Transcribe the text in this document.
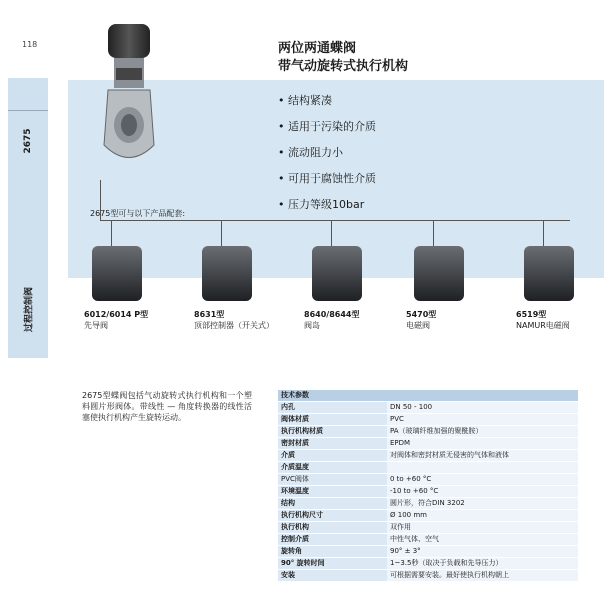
118
2675
过程控制阀
两位两通蝶阀
带气动旋转式执行机构
• 结构紧凑
• 适用于污染的介质
• 流动阻力小
• 可用于腐蚀性介质
• 压力等级10bar
2675型可与以下产品配套:
6012/6014 P型
先导阀
8631型
顶部控制器（开关式）
8640/8644型
阀岛
5470型
电磁阀
6519型
NAMUR电磁阀
2675型蝶阀包括气动旋转式执行机构和一个塑料圆片形阀体。带线性 — 角度转换器的线性活塞使执行机构产生旋转运动。
技术参数	
内孔	DN 50 - 100
阀体材质	PVC
执行机构材质	PA（玻璃纤维加强的聚酰胺）
密封材质	EPDM
介质	对阀体和密封材质无侵害的气体和液体
介质温度	
PVC阀体	0 to +60 °C
环境温度	-10 to +60 °C
结构	圆片形，符合DIN 3202
执行机构尺寸	Ø 100 mm
执行机构	双作用
控制介质	中性气体、空气
旋转角	90° ± 3°
90° 旋转时间	1~3.5秒（取决于负载和先导压力）
安装	可根据需要安装。最好使执行机构朝上
